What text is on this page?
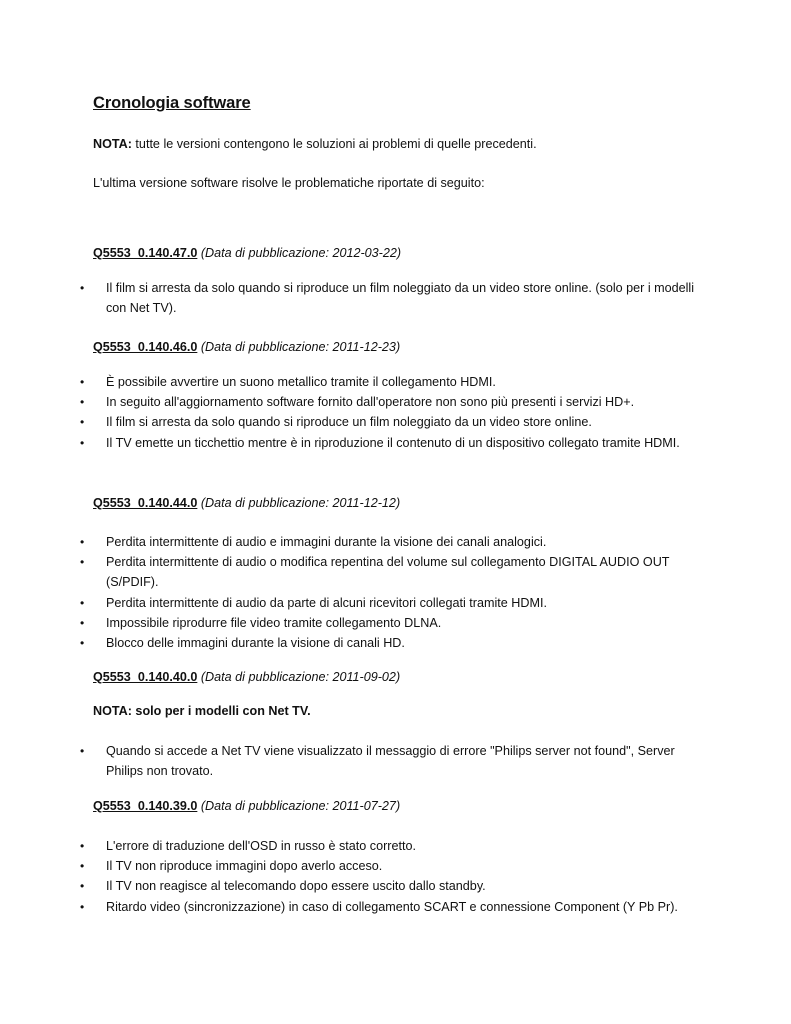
Cronologia software

NOTA: tutte le versioni contengono le soluzioni ai problemi di quelle precedenti.

L'ultima versione software risolve le problematiche riportate di seguito:

Q5553_0.140.47.0 (Data di pubblicazione: 2012-03-22)

• Il film si arresta da solo quando si riproduce un film noleggiato da un video store online. (solo per i modelli con Net TV).

Q5553_0.140.46.0 (Data di pubblicazione: 2011-12-23)

• È possibile avvertire un suono metallico tramite il collegamento HDMI.
• In seguito all'aggiornamento software fornito dall'operatore non sono più presenti i servizi HD+.
• Il film si arresta da solo quando si riproduce un film noleggiato da un video store online.
• Il TV emette un ticchettio mentre è in riproduzione il contenuto di un dispositivo collegato tramite HDMI.

Q5553_0.140.44.0 (Data di pubblicazione: 2011-12-12)

• Perdita intermittente di audio e immagini durante la visione dei canali analogici.
• Perdita intermittente di audio o modifica repentina del volume sul collegamento DIGITAL AUDIO OUT (S/PDIF).
• Perdita intermittente di audio da parte di alcuni ricevitori collegati tramite HDMI.
• Impossibile riprodurre file video tramite collegamento DLNA.
• Blocco delle immagini durante la visione di canali HD.

Q5553_0.140.40.0 (Data di pubblicazione: 2011-09-02)

NOTA: solo per i modelli con Net TV.

• Quando si accede a Net TV viene visualizzato il messaggio di errore "Philips server not found", Server Philips non trovato.

Q5553_0.140.39.0 (Data di pubblicazione: 2011-07-27)

• L'errore di traduzione dell'OSD in russo è stato corretto.
• Il TV non riproduce immagini dopo averlo acceso.
• Il TV non reagisce al telecomando dopo essere uscito dallo standby.
• Ritardo video (sincronizzazione) in caso di collegamento SCART e connessione Component (Y Pb Pr).
